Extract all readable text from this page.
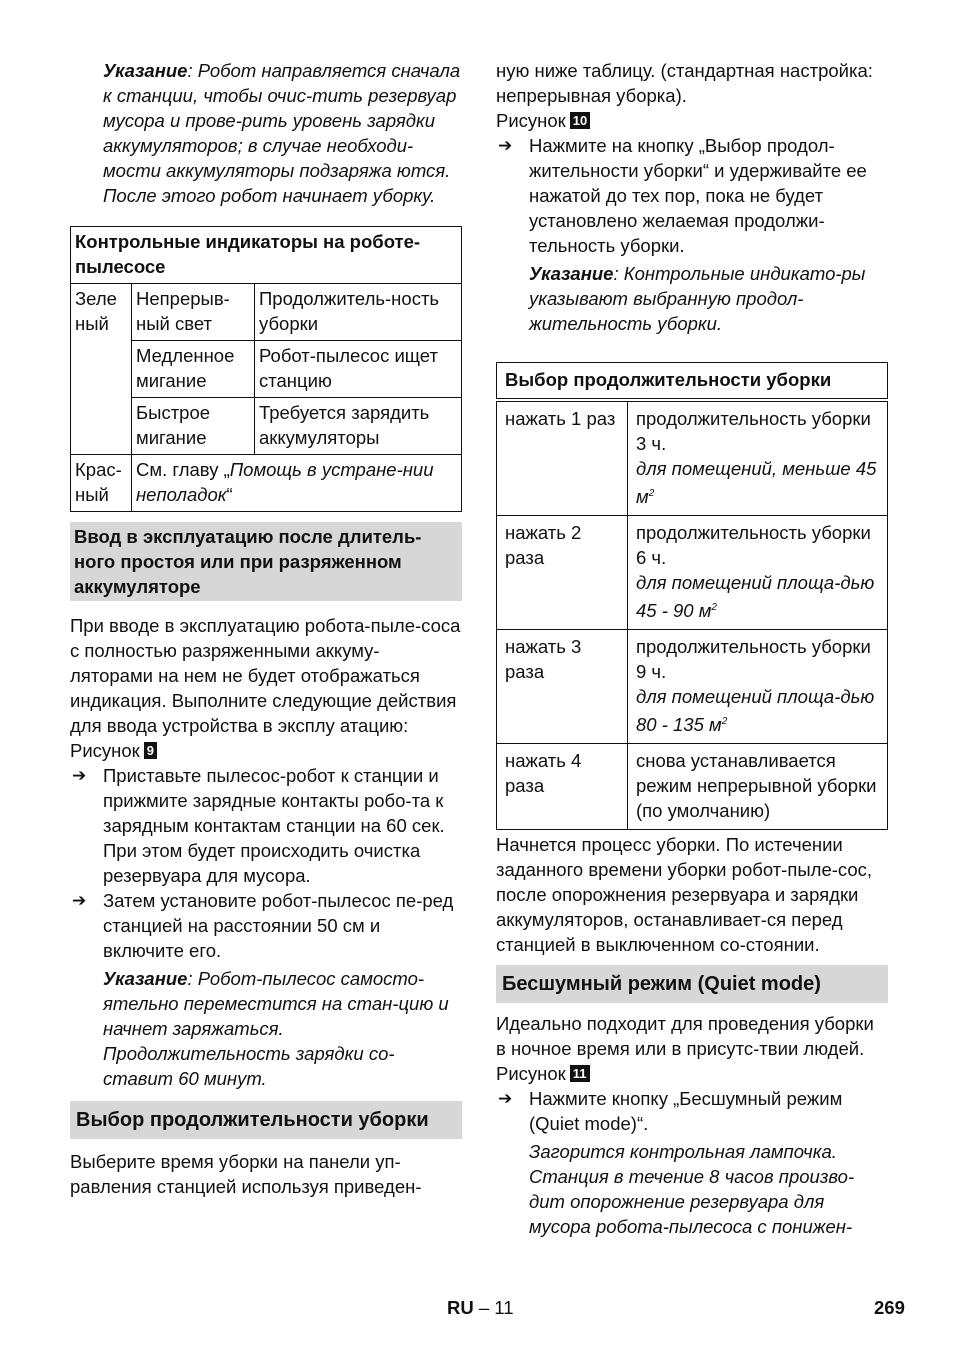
Указание: Робот направляется сначала к станции, чтобы очис-тить резервуар мусора и прове-рить уровень зарядки аккумуляторов; в случае необходи-мости аккумуляторы подзаряжа ются. После этого робот начинает уборку.

Контрольные индикаторы на роботе-пылесосе		
Зеле ный	Непрерыв-ный свет	Продолжитель-ность уборки
	Медленное мигание	Робот-пылесос ищет станцию
	Быстрое мигание	Требуется зарядить аккумуляторы
Крас-ный	См. главу „Помощь в устране-нии неполадок“	

Ввод в эксплуатацию после длитель-ного простоя или при разряженном аккумуляторе

При вводе в эксплуатацию робота-пыле-соса с полностью разряженными аккуму-ляторами на нем не будет отображаться индикация. Выполните следующие действия для ввода устройства в эксплу атацию:

Рисунок 9

➔ Приставьте пылесос-робот к станции и прижмите зарядные контакты робо-та к зарядным контактам станции на 60 сек. При этом будет происходить очистка резервуара для мусора.
➔ Затем установите робот-пылесос пе-ред станцией на расстоянии 50 см и включите его.

Указание: Робот-пылесос самосто-ятельно переместится на стан-цию и начнет заряжаться. Продолжительность зарядки со-ставит 60 минут.

Выбор продолжительности уборки

Выберите время уборки на панели уп-равления станцией используя приведен-

ную ниже таблицу. (стандартная настройка: непрерывная уборка).

Рисунок 10

➔ Нажмите на кнопку „Выбор продол-жительности уборки“ и удерживайте ее нажатой до тех пор, пока не будет установлено желаемая продолжи-тельность уборки.

Указание: Контрольные индикато-ры указывают выбранную продол-жительность уборки.

Выбор продолжительности уборки	
нажать 1 раз	продолжительность уборки 3 ч.
для помещений, меньше 45 $м^2$

нажать 2 раза	продолжительность уборки 6 ч.
для помещений площа-дью 45 - 90 $м^2$

нажать 3 раза	продолжительность уборки 9 ч.
для помещений площа-дью 80 - 135 $м^2$

нажать 4 раза	снова устанавливается режим непрерывной уборки (по умолчанию)

Начнется процесс уборки. По истечении заданного времени уборки робот-пыле-сос, после опорожнения резервуара и зарядки аккумуляторов, останавливает-ся перед станцией в выключенном со-стоянии.

Бесшумный режим (Quiet mode)

Идеально подходит для проведения уборки в ночное время или в присутс-твии людей.

Рисунок 11

➔ Нажмите кнопку „Бесшумный режим (Quiet mode)“.

Загорится контрольная лампочка. Станция в течение 8 часов произво-дит опорожнение резервуара для мусора робота-пылесоса с понижен-

RU – 11	269
